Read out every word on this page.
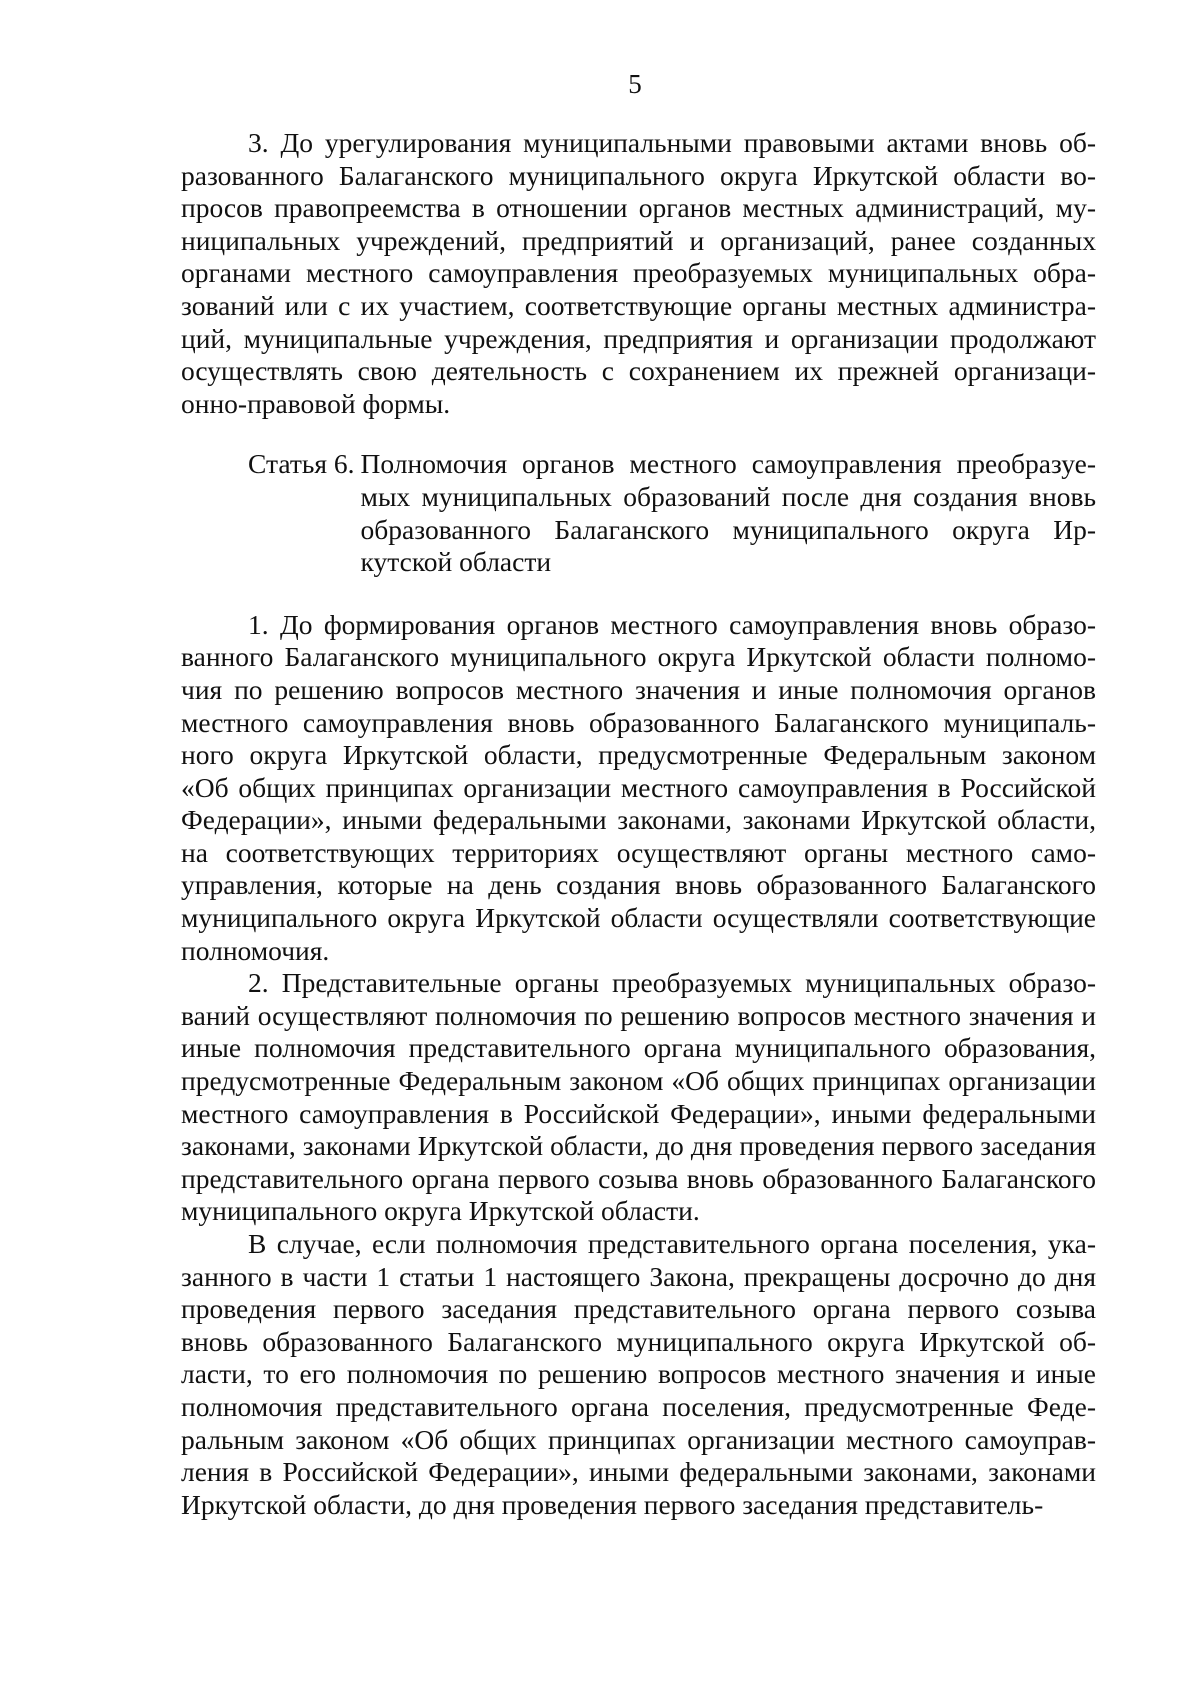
5

3. До урегулирования муниципальными правовыми актами вновь образованного Балаганского муниципального округа Иркутской области вопросов правопреемства в отношении органов местных администраций, муниципальных учреждений, предприятий и организаций, ранее созданных органами местного самоуправления преобразуемых муниципальных образований или с их участием, соответствующие органы местных администраций, муниципальные учреждения, предприятия и организации продолжают осуществлять свою деятельность с сохранением их прежней организационно-правовой формы.

Статья 6. Полномочия органов местного самоуправления преобразуемых муниципальных образований после дня создания вновь образованного Балаганского муниципального округа Иркутской области

1. До формирования органов местного самоуправления вновь образованного Балаганского муниципального округа Иркутской области полномочия по решению вопросов местного значения и иные полномочия органов местного самоуправления вновь образованного Балаганского муниципального округа Иркутской области, предусмотренные Федеральным законом «Об общих принципах организации местного самоуправления в Российской Федерации», иными федеральными законами, законами Иркутской области, на соответствующих территориях осуществляют органы местного самоуправления, которые на день создания вновь образованного Балаганского муниципального округа Иркутской области осуществляли соответствующие полномочия.

2. Представительные органы преобразуемых муниципальных образований осуществляют полномочия по решению вопросов местного значения и иные полномочия представительного органа муниципального образования, предусмотренные Федеральным законом «Об общих принципах организации местного самоуправления в Российской Федерации», иными федеральными законами, законами Иркутской области, до дня проведения первого заседания представительного органа первого созыва вновь образованного Балаганского муниципального округа Иркутской области.

В случае, если полномочия представительного органа поселения, указанного в части 1 статьи 1 настоящего Закона, прекращены досрочно до дня проведения первого заседания представительного органа первого созыва вновь образованного Балаганского муниципального округа Иркутской области, то его полномочия по решению вопросов местного значения и иные полномочия представительного органа поселения, предусмотренные Федеральным законом «Об общих принципах организации местного самоуправления в Российской Федерации», иными федеральными законами, законами Иркутской области, до дня проведения первого заседания представитель-
